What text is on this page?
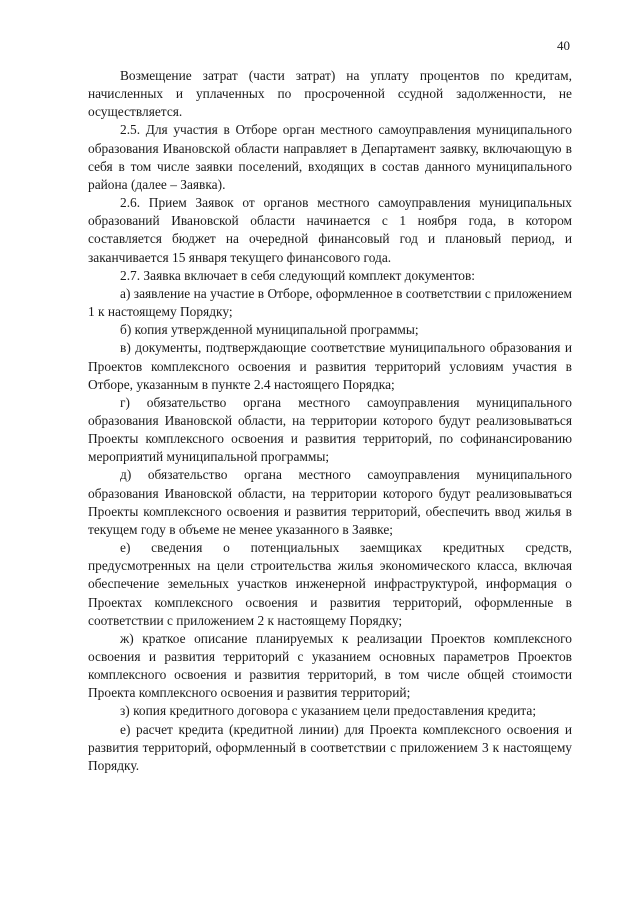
40

Возмещение затрат (части затрат) на уплату процентов по кредитам, начисленных и уплаченных по просроченной ссудной задолженности, не осуществляется.

2.5. Для участия в Отборе орган местного самоуправления муниципального образования Ивановской области направляет в Департамент заявку, включающую в себя в том числе заявки поселений, входящих в состав данного муниципального района (далее – Заявка).

2.6. Прием Заявок от органов местного самоуправления муниципальных образований Ивановской области начинается с 1 ноября года, в котором составляется бюджет на очередной финансовый год и плановый период, и заканчивается 15 января текущего финансового года.

2.7. Заявка включает в себя следующий комплект документов:

а) заявление на участие в Отборе, оформленное в соответствии с приложением 1 к настоящему Порядку;

б) копия утвержденной муниципальной программы;

в) документы, подтверждающие соответствие муниципального образования и Проектов комплексного освоения и развития территорий условиям участия в Отборе, указанным в пункте 2.4 настоящего Порядка;

г) обязательство органа местного самоуправления муниципального образования Ивановской области, на территории которого будут реализовываться Проекты комплексного освоения и развития территорий, по софинансированию мероприятий муниципальной программы;

д) обязательство органа местного самоуправления муниципального образования Ивановской области, на территории которого будут реализовываться Проекты комплексного освоения и развития территорий, обеспечить ввод жилья в текущем году в объеме не менее указанного в Заявке;

е) сведения о потенциальных заемщиках кредитных средств, предусмотренных на цели строительства жилья экономического класса, включая обеспечение земельных участков инженерной инфраструктурой, информация о Проектах комплексного освоения и развития территорий, оформленные в соответствии с приложением 2 к настоящему Порядку;

ж) краткое описание планируемых к реализации Проектов комплексного освоения и развития территорий с указанием основных параметров Проектов комплексного освоения и развития территорий, в том числе общей стоимости Проекта комплексного освоения и развития территорий;

з) копия кредитного договора с указанием цели предоставления кредита;

е) расчет кредита (кредитной линии) для Проекта комплексного освоения и развития территорий, оформленный в соответствии с приложением 3 к настоящему Порядку.
